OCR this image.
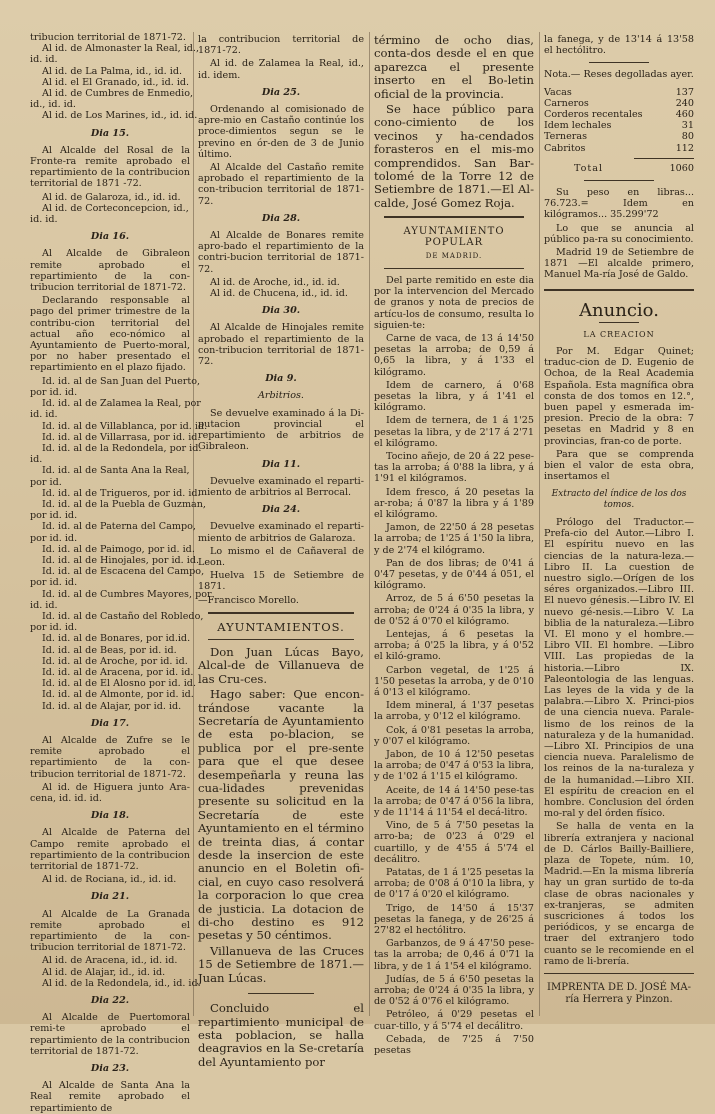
tribucion territorial de 1871-72.
Al id. de Almonaster la Real, id.,
id. id.
Al id. de La Palma, id., id. id.
Al id. el El Granado, id., id. id.
Al id. de Cumbres de Enmedio,
id., id. id.
Al id. de Los Marines, id., id. id.
Dia 15.
Al Alcalde del Rosal de la Fronte-ra remite aprobado el repartimiento de la contribucion territorial de 1871 -72.
Al id. de Galaroza, id., id. id.
Al id. de Corteconcepcion, id.,
id. id.
Dia 16.
Al Alcalde de Gibraleon remite aprobado el repartimiento de la con-tribucion territorial de 1871-72.
Declarando responsable al pago del primer trimestre de la contribu-cion territorial del actual año eco-nómico al Ayuntamiento de Puerto-moral, por no haber presentado el repartimiento en el plazo fijado.
Id. id. al de San Juan del Puerto,
por id. id.
Id. id. al de Zalamea la Real, por
id. id.
Id. id. al de Villablanca, por id. id.
Id. id. al de Villarrasa, por id. id.
Id. id. al de la Redondela, por id.
id.
Id. id. al de Santa Ana la Real,
por id.
Id. id. al de Trigueros, por id. id.
Id. id. al de la Puebla de Guzman,
por id. id.
Id. id. al de Paterna del Campo,
por id. id.
Id. id. al de Paimogo, por id. id.
Id. id. al de Hinojales, por id. id.
Id. id. al de Escacena del Campo,
por id. id.
Id. id. al de Cumbres Mayores, por
id. id.
Id. id. al de Castaño del Robledo,
por id. id.
Id. id. al de Bonares, por id.id.
Id. id. al de Beas, por id. id.
Id. id. al de Aroche, por id. id.
Id. id. al de Aracena, por id. id.
Id. id. al de El Alosno por id. id.
Id. id. al de Almonte, por id. id.
Id. id. al de Alajar, por id. id.
Dia 17.
Al Alcalde de Zufre se le remite aprobado el repartimiento de la con-tribucion territorial de 1871-72.
Al id. de Higuera junto Ara-cena, id. id. id.
Dia 18.
Al Alcalde de Paterna del Campo remite aprobado el repartimiento de la contribucion territorial de 1871-72.
Al id. de Rociana, id., id. id.
Dia 21.
Al Alcalde de La Granada remite aprobado el repartimiento de la con-tribucion territorial de 1871-72.
Al id. de Aracena, id., id. id.
Al id. de Alajar, id., id. id.
Al id. de la Redondela, id., id. id.
Dia 22.
Al Alcalde de Puertomoral remi-te aprobado el repartimiento de la contribucion territorial de 1871-72.
Dia 23.
Al Alcalde de Santa Ana la Real remite aprobado el repartimiento de
la contribucion territorial de 1871-72.
Al id. de Zalamea la Real, id., id. idem.
Dia 25.
Ordenando al comisionado de apre-mio en Castaño continúe los proce-dimientos segun se le previno en ór-den de 3 de Junio último.
Al Alcalde del Castaño remite aprobado el repartimiento de la con-tribucion territorial de 1871-72.
Dia 28.
Al Alcalde de Bonares remite apro-bado el repartimiento de la contri-bucion territorial de 1871-72.
Al id. de Aroche, id., id. id.
Al id. de Chucena, id., id. id.
Dia 30.
Al Alcalde de Hinojales remite aprobado el repartimiento de la con-tribucion territorial de 1871-72.
Dia 9.
Arbitrios.
Se devuelve examinado á la Di-putacion provincial el repartimiento de arbitrios de Gibraleon.
Dia 11.
Devuelve examinado el reparti-miento de arbitrios al Berrocal.
Dia 24.
Devuelve examinado el reparti-miento de arbitrios de Galaroza.
Lo mismo el de Cañaveral de Leon.
Huelva 15 de Setiembre de 1871.
—Francisco Morello.
AYUNTAMIENTOS.
Don Juan Lúcas Bayo, Alcal-de de Villanueva de las Cru-ces.
Hago saber: Que encon-trándose vacante la Secretaría de Ayuntamiento de esta po-blacion, se publica por el pre-sente para que el que desee desempeñarla y reuna las cua-lidades prevenidas presente su solicitud en la Secretaría de este Ayuntamiento en el término de treinta dias, á contar desde la insercion de este anuncio en el Boletin ofi-cial, en cuyo caso resolverá la corporacion lo que crea de justicia. La dotacion de di-cho destino es 912 pesetas y 50 céntimos.
Villanueva de las Cruces 15 de Setiembre de 1871.— Juan Lúcas.
Concluido el repartimiento municipal de esta poblacion, se halla deagravios en la Se-cretaría del Ayuntamiento por
término de ocho dias, conta-dos desde el en que aparezca el presente inserto en el Bo-letin oficial de la provincia.
Se hace público para cono-cimiento de los vecinos y ha-cendados forasteros en el mis-mo comprendidos. San Bar-tolomé de la Torre 12 de Setiembre de 1871.—El Al-calde, José Gomez Roja.
AYUNTAMIENTO POPULAR
DE MADRID.
Del parte remitido en este dia por la intervencion del Mercado de granos y nota de precios de artícu-los de consumo, resulta lo siguien-te:
Carne de vaca, de 13 á 14'50 pesetas la arroba; de 0,59 á 0,65 la libra, y á 1'33 el kilógramo.
Idem de carnero, á 0'68 pesetas la libra, y á 1'41 el kilógramo.
Idem de ternera, de 1 á 1'25 pesetas la libra, y de 2'17 á 2'71 el kilógramo.
Tocino añejo, de 20 á 22 pese-tas la arroba; á 0'88 la libra, y á 1'91 el kilógramos.
Idem fresco, á 20 pesetas la ar-roba; á 0'87 la libra y á 1'89 el kilógramo.
Jamon, de 22'50 á 28 pesetas la arroba; de 1'25 á 1'50 la libra, y de 2'74 el kilógramo.
Pan de dos libras; de 0'41 á 0'47 pesetas, y de 0'44 á 051, el kilógramo.
Arroz, de 5 á 6'50 pesetas la arroba; de 0'24 á 0'35 la libra, y de 0'52 á 0'70 el kilógramo.
Lentejas, á 6 pesetas la arroba; á 0'25 la libra, y á 0'52 el kiló-gramo.
Carbon vegetal, de 1'25 á 1'50 pesetas la arroba, y de 0'10 á 0'13 el kilógramo.
Idem mineral, á 1'37 pesetas la arroba, y 0'12 el kilógramo.
Cok, á 0'81 pesetas la arroba, y 0'07 el kilógramo.
Jabon, de 10 á 12'50 pesetas la arroba; de 0'47 á 0'53 la libra, y de 1'02 á 1'15 el kilógramo.
Aceite, de 14 á 14'50 pese-tas la arroba; de 0'47 á 0'56 la libra, y de 11'14 á 11'54 el decá-litro.
Vino, de 5 á 7'50 pesetas la arro-ba; de 0'23 á 0'29 el cuartillo, y de 4'55 á 5'74 el decálitro.
Patatas, de 1 á 1'25 pesetas la arroba; de 0'08 á 0'10 la libra, y de 0'17 á 0'20 el kilógramo.
Trigo, de 14'50 á 15'37 pesetas la fanega, y de 26'25 á 27'82 el hectólitro.
Garbanzos, de 9 á 47'50 pese-tas la arroba; de 0,46 á 0'71 la libra, y de 1 á 1'54 el kilógramo.
Judías, de 5 á 6'50 pesetas la arroba; de 0'24 á 0'35 la libra, y de 0'52 á 0'76 el kilógramo.
Petróleo, á 0'29 pesetas el cuar-tillo, y á 5'74 el decálitro.
Cebada, de 7'25 á 7'50 pesetas
la fanega, y de 13'14 á 13'58 el hectólitro.
Nota.— Reses degolladas ayer.
Vacas	137
Carneros	240
Corderos recentales	460
Idem lechales	31
Terneras	80
Cabritos	112
Total	1060
Su peso en libras... 76.723.= Idem en kilógramos... 35.299'72
Lo que se anuncia al público pa-ra su conocimiento.
Madrid 19 de Setiembre de 1871 —El alcalde primero, Manuel Ma-ría José de Galdo.
Anuncio.
LA CREACION
Por M. Edgar Quinet; traduc-cion de D. Eugenio de Ochoa, de la Real Academia Española. Esta magnífica obra consta de dos tomos en 12.°, buen papel y esmerada im-presion. Precio de la obra: 7 pesetas en Madrid y 8 en provincias, fran-co de porte.
Para que se comprenda bien el valor de esta obra, insertamos el
Extracto del índice de los dos tomos.
Prólogo del Traductor.—Prefa-cio del Autor.—Libro I. El espíritu nuevo en las ciencias de la natura-leza.—Libro II. La cuestion de nuestro siglo.—Orígen de los séres organizados.—Libro III. El nuevo génesis.—Libro IV. El nuevo gé-nesis.—Libro V. La biblia de la naturaleza.—Libro VI. El mono y el hombre.—Libro VII. El hombre. —Libro VIII. Las propiedas de la historia.—Libro IX. Paleontologia de las lenguas. Las leyes de la vida y de la palabra.—Libro X. Princi-pios de una ciencia nueva. Parale-lismo de los reinos de la naturaleza y de la humanidad.—Libro XI. Principios de una ciencia nueva. Paralelismo de los reinos de la na-turaleza y de la humanidad.—Libro XII. El espíritu de creacion en el hombre. Conclusion del órden mo-ral y del órden físico.
Se halla de venta en la librería extranjera y nacional de D. Cárlos Bailly-Bailliere, plaza de Topete, núm. 10, Madrid.—En la misma librería hay un gran surtido de to-da clase de obras nacionales y ex-tranjeras, se admiten suscriciones á todos los periódicos, y se encarga de traer del extranjero todo cuanto se le recomiende en el ramo de li-brería.
IMPRENTA DE D. JOSÉ MA-
ría Herrera y Pinzon.
